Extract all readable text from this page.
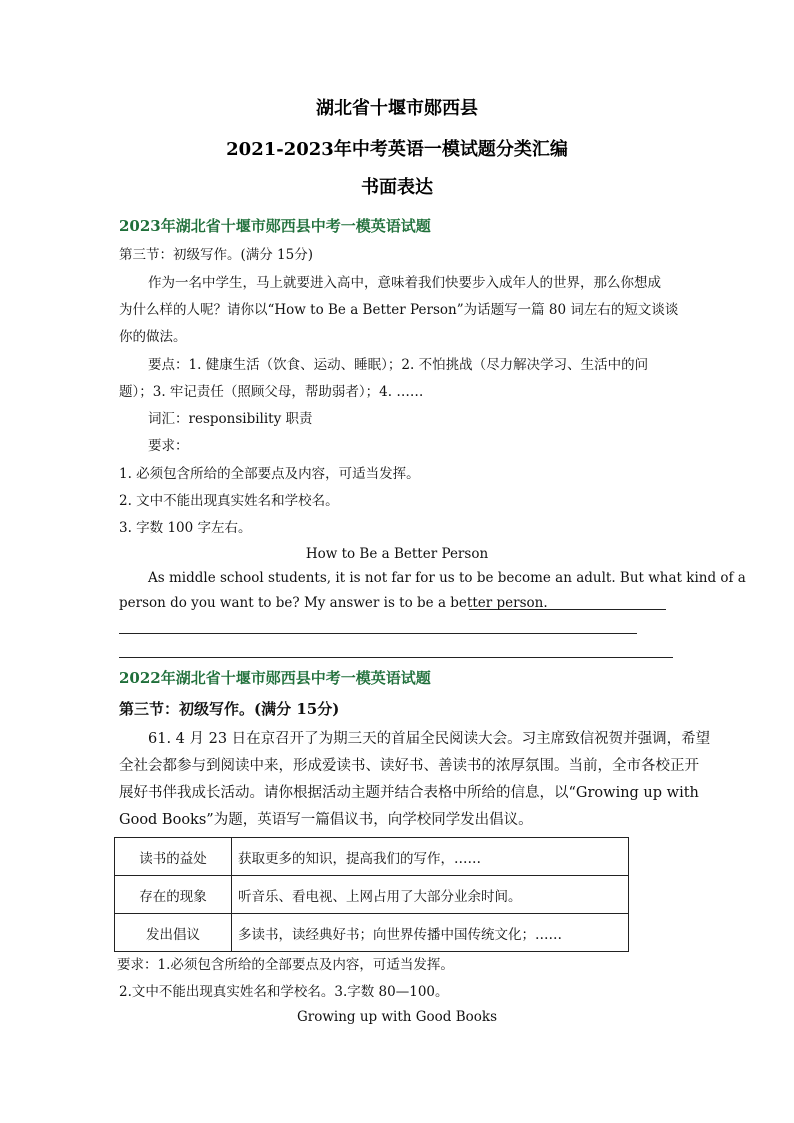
湖北省十堰市郧西县
2021-2023年中考英语一模试题分类汇编
书面表达
2023年湖北省十堰市郧西县中考一模英语试题
第三节：初级写作。(满分 15分)
作为一名中学生，马上就要进入高中，意味着我们快要步入成年人的世界，那么你想成
为什么样的人呢？请你以“How to Be a Better Person”为话题写一篇 80 词左右的短文谈谈
你的做法。
要点：1. 健康生活（饮食、运动、睡眠）；2. 不怕挑战（尽力解决学习、生活中的问
题）；3. 牢记责任（照顾父母，帮助弱者）；4. ……
词汇：responsibility 职责
要求：
1. 必须包含所给的全部要点及内容，可适当发挥。
2. 文中不能出现真实姓名和学校名。
3. 字数 100 字左右。
How to Be a Better Person
As middle school students, it is not far for us to be become an adult. But what kind of a
person do you want to be? My answer is to be a better person.
2022年湖北省十堰市郧西县中考一模英语试题
第三节：初级写作。(满分 15分)
61. 4 月 23 日在京召开了为期三天的首届全民阅读大会。习主席致信祝贺并强调，希望
全社会都参与到阅读中来，形成爱读书、读好书、善读书的浓厚氛围。当前，全市各校正开
展好书伴我成长活动。请你根据活动主题并结合表格中所给的信息，以“Growing up with
Good Books”为题，英语写一篇倡议书，向学校同学发出倡议。
读书的益处	获取更多的知识，提高我们的写作，……
存在的现象	听音乐、看电视、上网占用了大部分业余时间。
发出倡议	多读书，读经典好书；向世界传播中国传统文化；……
要求：1.必须包含所给的全部要点及内容，可适当发挥。
2.文中不能出现真实姓名和学校名。3.字数 80—100。
Growing up with Good Books
